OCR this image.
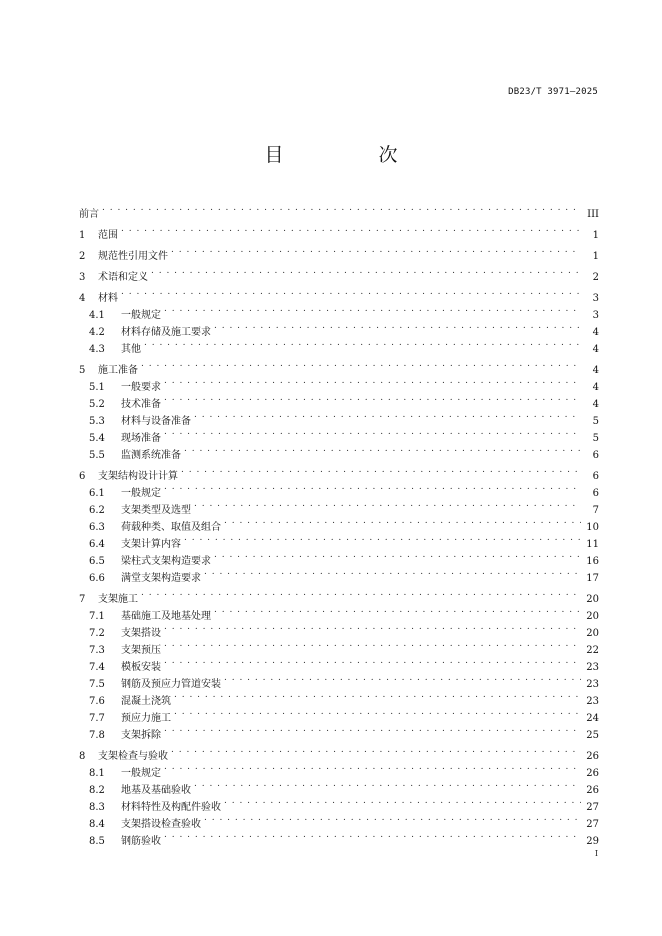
DB23/T 3971—2025
目　次
前言 . . .	III
1	范围 . . .	1
2	规范性引用文件 . . .	1
3	术语和定义 . . .	2
4	材料 . . .	3
4.1	一般规定 . . .	3
4.2	材料存储及施工要求 . . .	4
4.3	其他 . . .	4
5	施工准备 . . .	4
5.1	一般要求 . . .	4
5.2	技术准备 . . .	4
5.3	材料与设备准备 . . .	5
5.4	现场准备 . . .	5
5.5	监测系统准备 . . .	6
6	支架结构设计计算 . . .	6
6.1	一般规定 . . .	6
6.2	支架类型及选型 . . .	7
6.3	荷载种类、取值及组合 . . .	10
6.4	支架计算内容 . . .	11
6.5	梁柱式支架构造要求 . . .	16
6.6	满堂支架构造要求 . . .	17
7	支架施工 . . .	20
7.1	基础施工及地基处理 . . .	20
7.2	支架搭设 . . .	20
7.3	支架预压 . . .	22
7.4	模板安装 . . .	23
7.5	钢筋及预应力管道安装 . . .	23
7.6	混凝土浇筑 . . .	23
7.7	预应力施工 . . .	24
7.8	支架拆除 . . .	25
8	支架检查与验收 . . .	26
8.1	一般规定 . . .	26
8.2	地基及基础验收 . . .	26
8.3	材料特性及构配件验收 . . .	27
8.4	支架搭设检查验收 . . .	27
8.5	钢筋验收 . . .	29
I
